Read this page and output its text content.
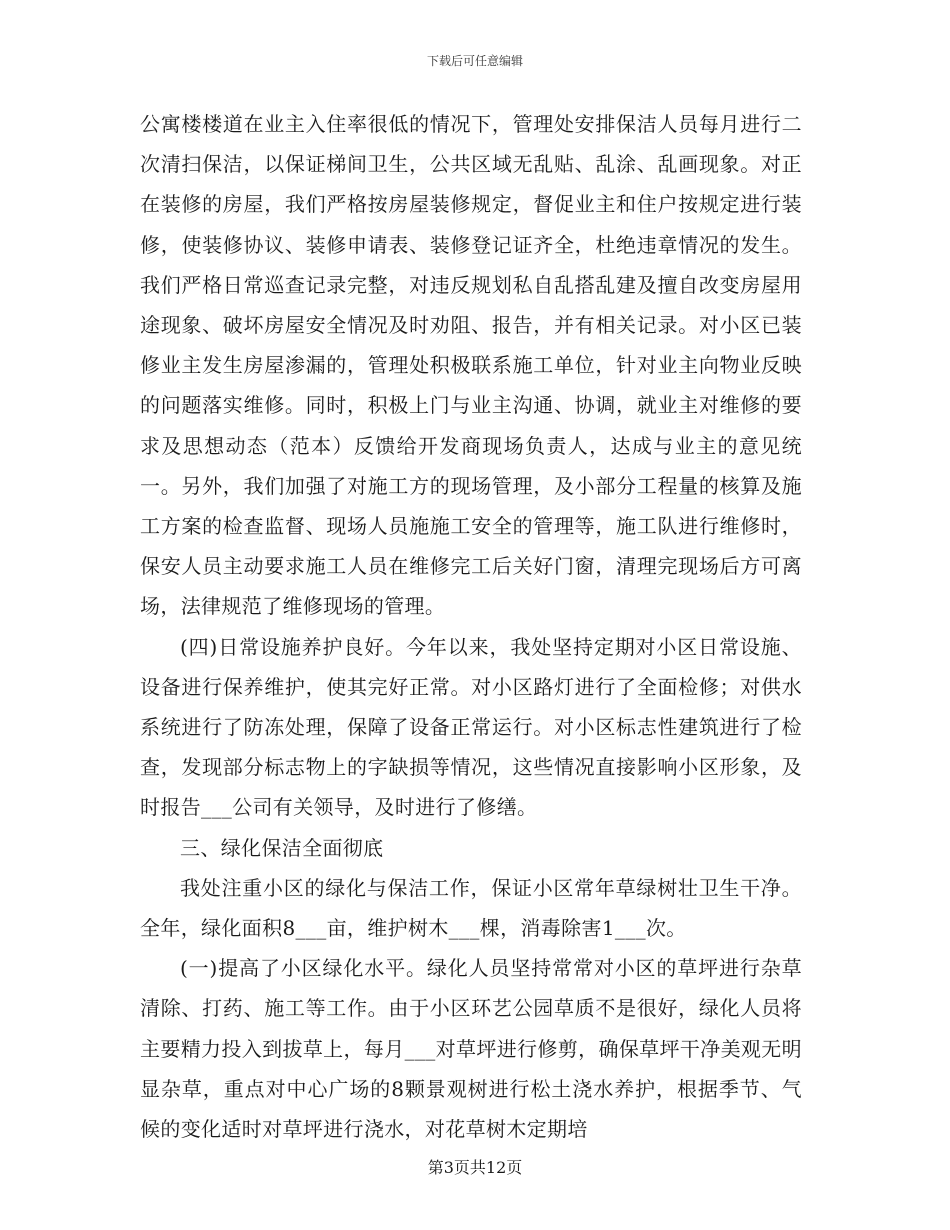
下载后可任意编辑

公寓楼楼道在业主入住率很低的情况下，管理处安排保洁人员每月进行二次清扫保洁，以保证梯间卫生，公共区域无乱贴、乱涂、乱画现象。对正在装修的房屋，我们严格按房屋装修规定，督促业主和住户按规定进行装修，使装修协议、装修申请表、装修登记证齐全，杜绝违章情况的发生。我们严格日常巡查记录完整，对违反规划私自乱搭乱建及擅自改变房屋用途现象、破坏房屋安全情况及时劝阻、报告，并有相关记录。对小区已装修业主发生房屋渗漏的，管理处积极联系施工单位，针对业主向物业反映的问题落实维修。同时，积极上门与业主沟通、协调，就业主对维修的要求及思想动态（范本）反馈给开发商现场负责人，达成与业主的意见统一。另外，我们加强了对施工方的现场管理，及小部分工程量的核算及施工方案的检查监督、现场人员施施工安全的管理等，施工队进行维修时，保安人员主动要求施工人员在维修完工后关好门窗，清理完现场后方可离场，法律规范了维修现场的管理。

(四)日常设施养护良好。今年以来，我处坚持定期对小区日常设施、设备进行保养维护，使其完好正常。对小区路灯进行了全面检修；对供水系统进行了防冻处理，保障了设备正常运行。对小区标志性建筑进行了检查，发现部分标志物上的字缺损等情况，这些情况直接影响小区形象，及时报告___公司有关领导，及时进行了修缮。

三、绿化保洁全面彻底

我处注重小区的绿化与保洁工作，保证小区常年草绿树壮卫生干净。全年，绿化面积8___亩，维护树木___棵，消毒除害1___次。

(一)提高了小区绿化水平。绿化人员坚持常常对小区的草坪进行杂草清除、打药、施工等工作。由于小区环艺公园草质不是很好，绿化人员将主要精力投入到拔草上，每月___对草坪进行修剪，确保草坪干净美观无明显杂草，重点对中心广场的8颗景观树进行松土浇水养护，根据季节、气候的变化适时对草坪进行浇水，对花草树木定期培

第3页共12页
